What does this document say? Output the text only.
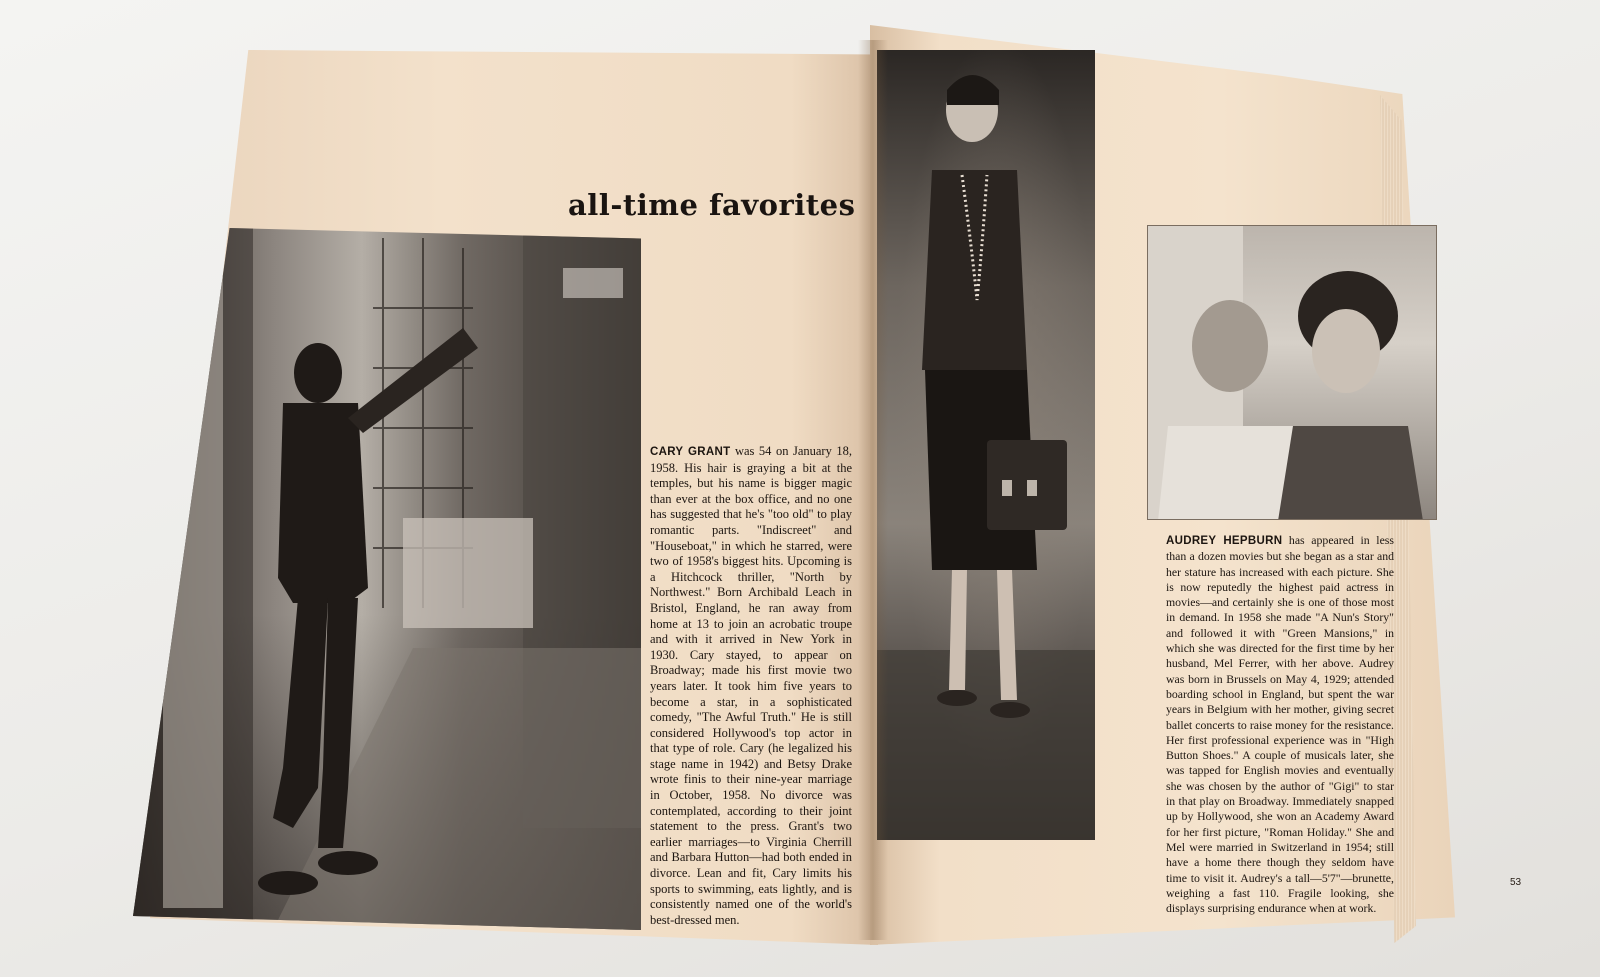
all-time favorites
CARY GRANT was 54 on January 18, 1958. His hair is graying a bit at the temples, but his name is bigger magic than ever at the box office, and no one has suggested that he's "too old" to play romantic parts. "Indiscreet" and "Houseboat," in which he starred, were two of 1958's biggest hits. Upcoming is a Hitchcock thriller, "North by Northwest." Born Archibald Leach in Bristol, England, he ran away from home at 13 to join an acrobatic troupe and with it arrived in New York in 1930. Cary stayed, to appear on Broadway; made his first movie two years later. It took him five years to become a star, in a sophisticated comedy, "The Awful Truth." He is still considered Hollywood's top actor in that type of role. Cary (he legalized his stage name in 1942) and Betsy Drake wrote finis to their nine-year marriage in October, 1958. No divorce was contemplated, according to their joint statement to the press. Grant's two earlier marriages—to Virginia Cherrill and Barbara Hutton—had both ended in divorce. Lean and fit, Cary limits his sports to swimming, eats lightly, and is consistently named one of the world's best-dressed men.
AUDREY HEPBURN has appeared in less than a dozen movies but she began as a star and her stature has increased with each picture. She is now reputedly the highest paid actress in movies—and certainly she is one of those most in demand. In 1958 she made "A Nun's Story" and followed it with "Green Mansions," in which she was directed for the first time by her husband, Mel Ferrer, with her above. Audrey was born in Brussels on May 4, 1929; attended boarding school in England, but spent the war years in Belgium with her mother, giving secret ballet concerts to raise money for the resistance. Her first professional experience was in "High Button Shoes." A couple of musicals later, she was tapped for English movies and eventually she was chosen by the author of "Gigi" to star in that play on Broadway. Immediately snapped up by Hollywood, she won an Academy Award for her first picture, "Roman Holiday." She and Mel were married in Switzerland in 1954; still have a home there though they seldom have time to visit it. Audrey's a tall—5'7"—brunette, weighing a fast 110. Fragile looking, she displays surprising endurance when at work.
53
